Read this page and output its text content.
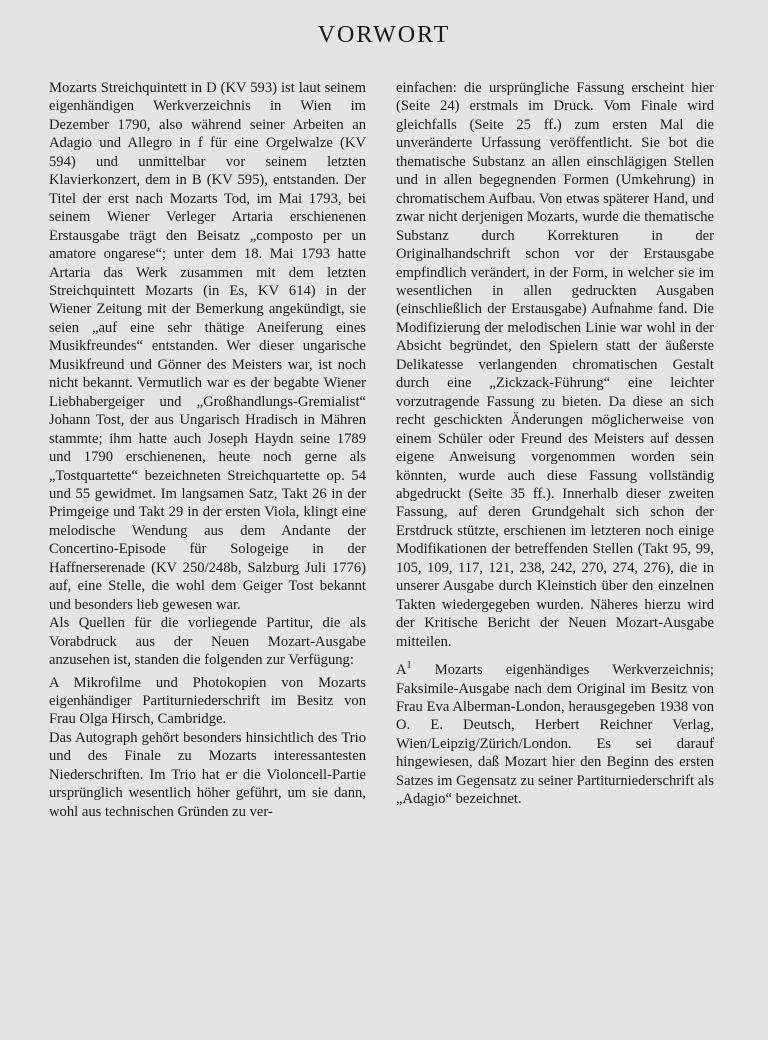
VORWORT

Mozarts Streichquintett in D (KV 593) ist laut seinem eigenhändigen Werkverzeichnis in Wien im Dezember 1790, also während seiner Arbeiten an Adagio und Allegro in f für eine Orgelwalze (KV 594) und unmittelbar vor seinem letzten Klavierkonzert, dem in B (KV 595), entstanden. Der Titel der erst nach Mozarts Tod, im Mai 1793, bei seinem Wiener Verleger Artaria erschienenen Erstausgabe trägt den Beisatz „composto per un amatore ongarese“; unter dem 18. Mai 1793 hatte Artaria das Werk zusammen mit dem letzten Streichquintett Mozarts (in Es, KV 614) in der Wiener Zeitung mit der Bemerkung angekündigt, sie seien „auf eine sehr thätige Aneiferung eines Musikfreundes“ entstanden. Wer dieser ungarische Musikfreund und Gönner des Meisters war, ist noch nicht bekannt. Vermutlich war es der begabte Wiener Liebhabergeiger und „Großhandlungs-Gremialist“ Johann Tost, der aus Ungarisch Hradisch in Mähren stammte; ihm hatte auch Joseph Haydn seine 1789 und 1790 erschienenen, heute noch gerne als „Tostquartette“ bezeichneten Streichquartette op. 54 und 55 gewidmet. Im langsamen Satz, Takt 26 in der Primgeige und Takt 29 in der ersten Viola, klingt eine melodische Wendung aus dem Andante der Concertino-Episode für Sologeige in der Haffnerserenade (KV 250/248b, Salzburg Juli 1776) auf, eine Stelle, die wohl dem Geiger Tost bekannt und besonders lieb gewesen war.

Als Quellen für die vorliegende Partitur, die als Vorabdruck aus der Neuen Mozart-Ausgabe anzusehen ist, standen die folgenden zur Verfügung:

A Mikrofilme und Photokopien von Mozarts eigenhändiger Partiturniederschrift im Besitz von Frau Olga Hirsch, Cambridge.

Das Autograph gehört besonders hinsichtlich des Trio und des Finale zu Mozarts interessantesten Niederschriften. Im Trio hat er die Violoncell-Partie ursprünglich wesentlich höher geführt, um sie dann, wohl aus technischen Gründen zu ver-

einfachen: die ursprüngliche Fassung erscheint hier (Seite 24) erstmals im Druck. Vom Finale wird gleichfalls (Seite 25 ff.) zum ersten Mal die unveränderte Urfassung veröffentlicht. Sie bot die thematische Substanz an allen einschlägigen Stellen und in allen begegnenden Formen (Umkehrung) in chromatischem Aufbau. Von etwas späterer Hand, und zwar nicht derjenigen Mozarts, wurde die thematische Substanz durch Korrekturen in der Originalhandschrift schon vor der Erstausgabe empfindlich verändert, in der Form, in welcher sie im wesentlichen in allen gedruckten Ausgaben (einschließlich der Erstausgabe) Aufnahme fand. Die Modifizierung der melodischen Linie war wohl in der Absicht begründet, den Spielern statt der äußerste Delikatesse verlangenden chromatischen Gestalt durch eine „Zickzack-Führung“ eine leichter vorzutragende Fassung zu bieten. Da diese an sich recht geschickten Änderungen möglicherweise von einem Schüler oder Freund des Meisters auf dessen eigene Anweisung vorgenommen worden sein könnten, wurde auch diese Fassung vollständig abgedruckt (Seite 35 ff.). Innerhalb dieser zweiten Fassung, auf deren Grundgehalt sich schon der Erstdruck stützte, erschienen im letzteren noch einige Modifikationen der betreffenden Stellen (Takt 95, 99, 105, 109, 117, 121, 238, 242, 270, 274, 276), die in unserer Ausgabe durch Kleinstich über den einzelnen Takten wiedergegeben wurden. Näheres hierzu wird der Kritische Bericht der Neuen Mozart-Ausgabe mitteilen.

$A^1$ Mozarts eigenhändiges Werkverzeichnis; Faksimile-Ausgabe nach dem Original im Besitz von Frau Eva Alberman-London, herausgegeben 1938 von O. E. Deutsch, Herbert Reichner Verlag, Wien/Leipzig/Zürich/London. Es sei darauf hingewiesen, daß Mozart hier den Beginn des ersten Satzes im Gegensatz zu seiner Partiturniederschrift als „Adagio“ bezeichnet.
